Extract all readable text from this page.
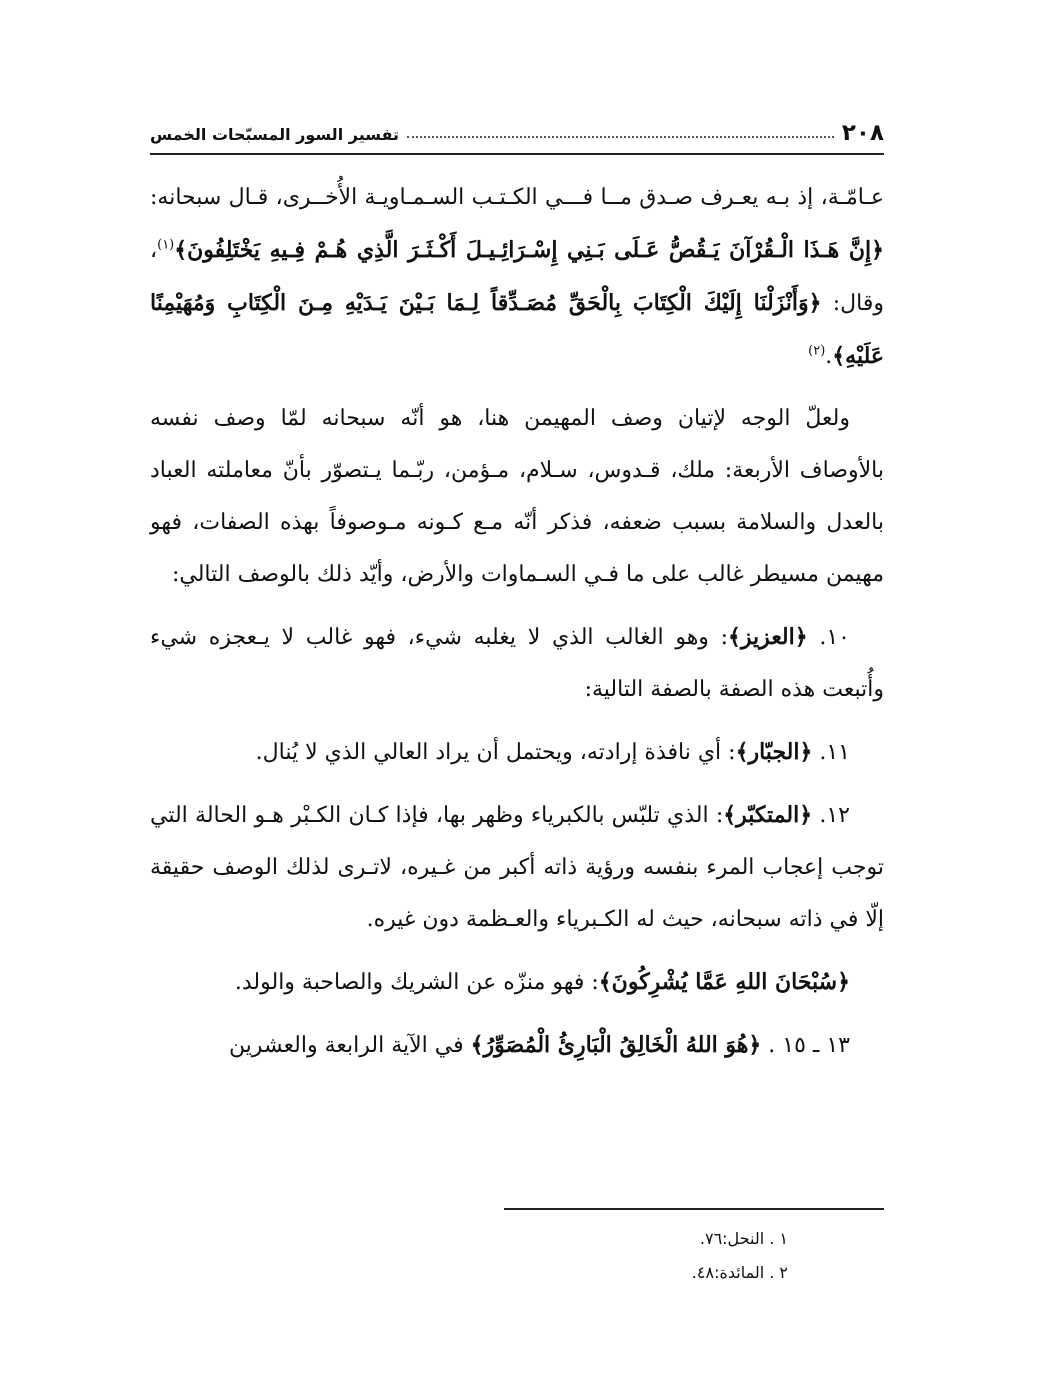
٢٠٨
تفسير السور المسبّحات الخمس

عـامّـة، إذ بـه يعـرف صـدق مــا فـــي الكـتـب السـمـاويـة الأُخــرى، قـال سبحانه: ﴿إِنَّ هَـذَا الْـقُرْآنَ يَـقُصُّ عَـلَى بَـنِي إِسْـرَائِـيـلَ أَكْـثَـرَ الَّذِي هُـمْ فِـيهِ يَخْتَلِفُونَ﴾$^{(١)}$، وقال: ﴿وَأَنْزَلْنَا إِلَيْكَ الْكِتَابَ بِالْحَقِّ مُصَـدِّقاً لِـمَا بَـيْنَ يَـدَيْهِ مِـنَ الْكِتَابِ وَمُهَيْمِنًا عَلَيْهِ﴾.$^{(٢)}$

ولعلّ الوجه لإتيان وصف المهيمن هنا، هو أنّه سبحانه لمّا وصف نفسه بالأوصاف الأربعة: ملك، قـدوس، سـلام، مـؤمن، ربّـما يـتصوّر بأنّ معاملته العباد بالعدل والسلامة بسبب ضعفه، فذكر أنّه مـع كـونه مـوصوفاً بهذه الصفات، فهو مهيمن مسيطر غالب على ما فـي السـماوات والأرض، وأيّد ذلك بالوصف التالي:

١٠. ﴿العزيز﴾: وهو الغالب الذي لا يغلبه شيء، فهو غالب لا يـعجزه شيء وأُتبعت هذه الصفة بالصفة التالية:

١١. ﴿الجبّار﴾: أي نافذة إرادته، ويحتمل أن يراد العالي الذي لا يُنال.

١٢. ﴿المتكبّر﴾: الذي تلبّس بالكبرياء وظهر بها، فإذا كـان الكـبْر هـو الحالة التي توجب إعجاب المرء بنفسه ورؤية ذاته أكبر من غـيره، لاتـرى لذلك الوصف حقيقة إلّا في ذاته سبحانه، حيث له الكـبرياء والعـظمة دون غيره.

﴿سُبْحَانَ اللهِ عَمَّا يُشْرِكُونَ﴾: فهو منزّه عن الشريك والصاحبة والولد.

١٣ ـ ١٥ . ﴿هُوَ اللهُ الْخَالِقُ الْبَارِئُ الْمُصَوِّرُ﴾ في الآية الرابعة والعشرين

١ . النحل:٧٦.
٢ . المائدة:٤٨.
